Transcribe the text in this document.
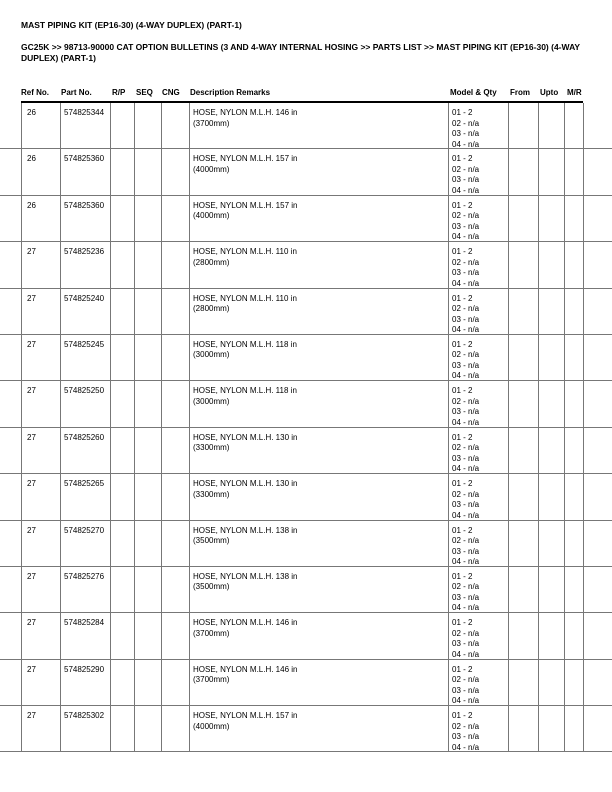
MAST PIPING KIT (EP16-30) (4-WAY DUPLEX) (PART-1)
GC25K >> 98713-90000 CAT OPTION BULLETINS (3 AND 4-WAY INTERNAL HOSING >> PARTS LIST >> MAST PIPING KIT (EP16-30) (4-WAY DUPLEX) (PART-1)
Ref No. Part No.	R/P SEQ CNG Description Remarks	Model & Qty From Upto M/R
26	574825344	HOSE, NYLON M.L.H. 146 in
(3700mm)
01 - 2
02 - n/a
03 - n/a
04 - n/a
26	574825360	HOSE, NYLON M.L.H. 157 in
(4000mm)
01 - 2
02 - n/a
03 - n/a
04 - n/a
26	574825360	HOSE, NYLON M.L.H. 157 in
(4000mm)
01 - 2
02 - n/a
03 - n/a
04 - n/a
27	574825236	HOSE, NYLON M.L.H. 110 in
(2800mm)
01 - 2
02 - n/a
03 - n/a
04 - n/a
27	574825240	HOSE, NYLON M.L.H. 110 in
(2800mm)
01 - 2
02 - n/a
03 - n/a
04 - n/a
27	574825245	HOSE, NYLON M.L.H. 118 in
(3000mm)
01 - 2
02 - n/a
03 - n/a
04 - n/a
27	574825250	HOSE, NYLON M.L.H. 118 in
(3000mm)
01 - 2
02 - n/a
03 - n/a
04 - n/a
27	574825260	HOSE, NYLON M.L.H. 130 in
(3300mm)
01 - 2
02 - n/a
03 - n/a
04 - n/a
27	574825265	HOSE, NYLON M.L.H. 130 in
(3300mm)
01 - 2
02 - n/a
03 - n/a
04 - n/a
27	574825270	HOSE, NYLON M.L.H. 138 in
(3500mm)
01 - 2
02 - n/a
03 - n/a
04 - n/a
27	574825276	HOSE, NYLON M.L.H. 138 in
(3500mm)
01 - 2
02 - n/a
03 - n/a
04 - n/a
27	574825284	HOSE, NYLON M.L.H. 146 in
(3700mm)
01 - 2
02 - n/a
03 - n/a
04 - n/a
27	574825290	HOSE, NYLON M.L.H. 146 in
(3700mm)
01 - 2
02 - n/a
03 - n/a
04 - n/a
27	574825302	HOSE, NYLON M.L.H. 157 in
(4000mm)
01 - 2
02 - n/a
03 - n/a
04 - n/a
